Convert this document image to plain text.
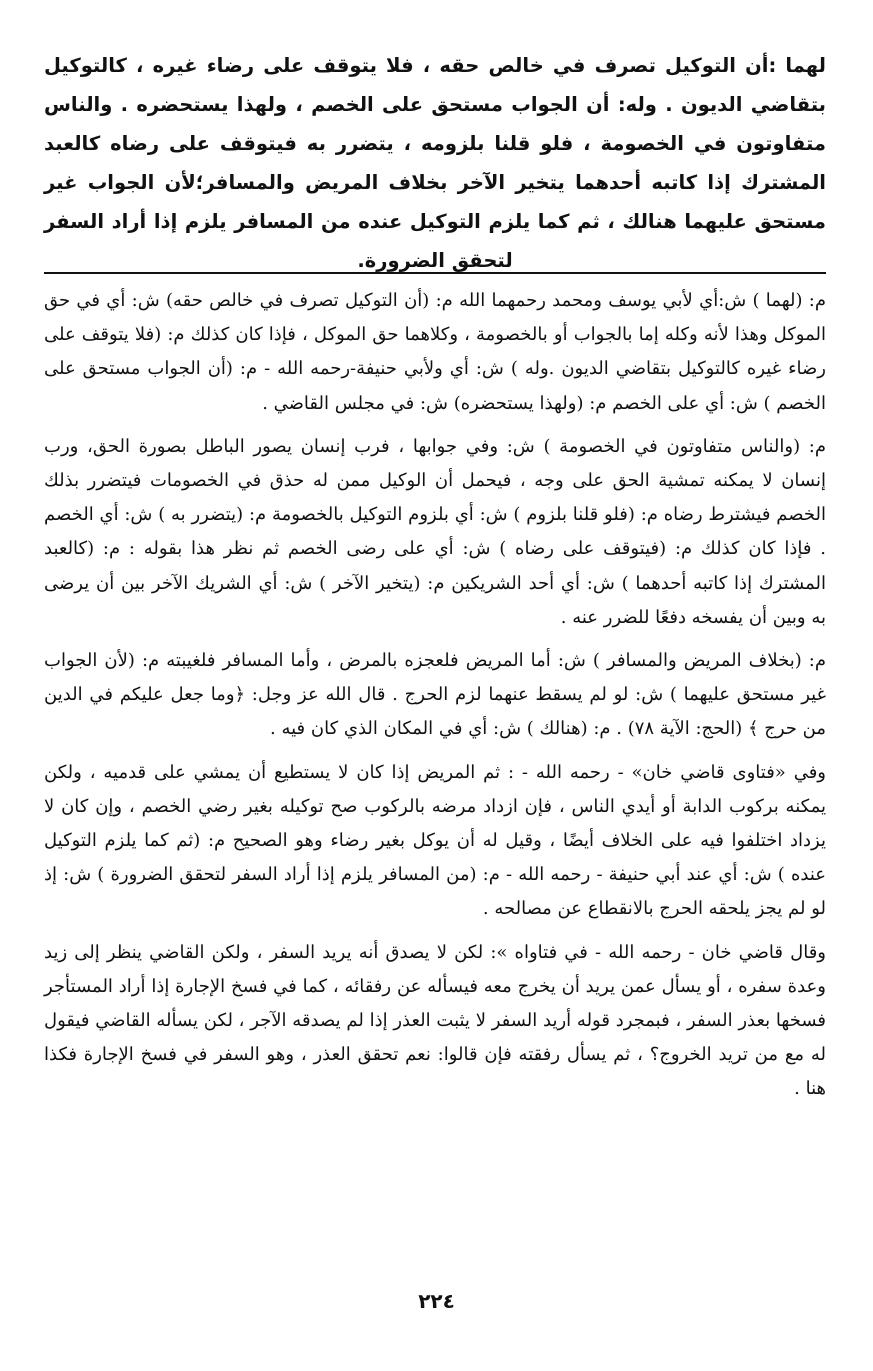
لهما :أن التوكيل تصرف في خالص حقه ، فلا يتوقف على رضاء غيره ، كالتوكيل بتقاضي الديون . وله: أن الجواب مستحق على الخصم ، ولهذا يستحضره . والناس متفاوتون في الخصومة ، فلو قلنا بلزومه ، يتضرر به فيتوقف على رضاه كالعبد المشترك إذا كاتبه أحدهما يتخير الآخر بخلاف المريض والمسافر؛لأن الجواب غير مستحق عليهما هنالك ، ثم كما يلزم التوكيل عنده من المسافر يلزم إذا أراد السفر لتحقق الضرورة.

م: (لهما ) ش:أي لأبي يوسف ومحمد رحمهما الله م: (أن التوكيل تصرف في خالص حقه) ش: أي في حق الموكل وهذا لأنه وكله إما بالجواب أو بالخصومة ، وكلاهما حق الموكل ، فإذا كان كذلك م: (فلا يتوقف على رضاء غيره كالتوكيل بتقاضي الديون .وله ) ش: أي ولأبي حنيفة-رحمه الله - م: (أن الجواب مستحق على الخصم ) ش: أي على الخصم م: (ولهذا يستحضره) ش: في مجلس القاضي .

م: (والناس متفاوتون في الخصومة ) ش: وفي جوابها ، فرب إنسان يصور الباطل بصورة الحق، ورب إنسان لا يمكنه تمشية الحق على وجه ، فيحمل أن الوكيل ممن له حذق في الخصومات فيتضرر بذلك الخصم فيشترط رضاه م: (فلو قلنا بلزوم ) ش: أي بلزوم التوكيل بالخصومة م: (يتضرر به ) ش: أي الخصم . فإذا كان كذلك م: (فيتوقف على رضاه ) ش: أي على رضى الخصم ثم نظر هذا بقوله : م: (كالعبد المشترك إذا كاتبه أحدهما ) ش: أي أحد الشريكين م: (يتخير الآخر ) ش: أي الشريك الآخر بين أن يرضى به وبين أن يفسخه دفعًا للضرر عنه .

م: (بخلاف المريض والمسافر ) ش: أما المريض فلعجزه بالمرض ، وأما المسافر فلغيبته م: (لأن الجواب غير مستحق عليهما ) ش: لو لم يسقط عنهما لزم الحرج . قال الله عز وجل: ﴿وما جعل عليكم في الدين من حرج ﴾ (الحج: الآية ٧٨) . م: (هنالك ) ش: أي في المكان الذي كان فيه .

وفي «فتاوى قاضي خان» - رحمه الله - : ثم المريض إذا كان لا يستطيع أن يمشي على قدميه ، ولكن يمكنه بركوب الدابة أو أيدي الناس ، فإن ازداد مرضه بالركوب صح توكيله بغير رضي الخصم ، وإن كان لا يزداد اختلفوا فيه على الخلاف أيضًا ، وقيل له أن يوكل بغير رضاء وهو الصحيح م: (ثم كما يلزم التوكيل عنده ) ش: أي عند أبي حنيفة - رحمه الله - م: (من المسافر يلزم إذا أراد السفر لتحقق الضرورة ) ش: إذ لو لم يجز يلحقه الحرج بالانقطاع عن مصالحه .

وقال قاضي خان - رحمه الله - في فتاواه »: لكن لا يصدق أنه يريد السفر ، ولكن القاضي ينظر إلى زيد وعدة سفره ، أو يسأل عمن يريد أن يخرج معه فيسأله عن رفقائه ، كما في فسخ الإجارة إذا أراد المستأجر فسخها بعذر السفر ، فبمجرد قوله أريد السفر لا يثبت العذر إذا لم يصدقه الآجر ، لكن يسأله القاضي فيقول له مع من تريد الخروج؟ ، ثم يسأل رفقته فإن قالوا: نعم تحقق العذر ، وهو السفر في فسخ الإجارة فكذا هنا .

٢٢٤
